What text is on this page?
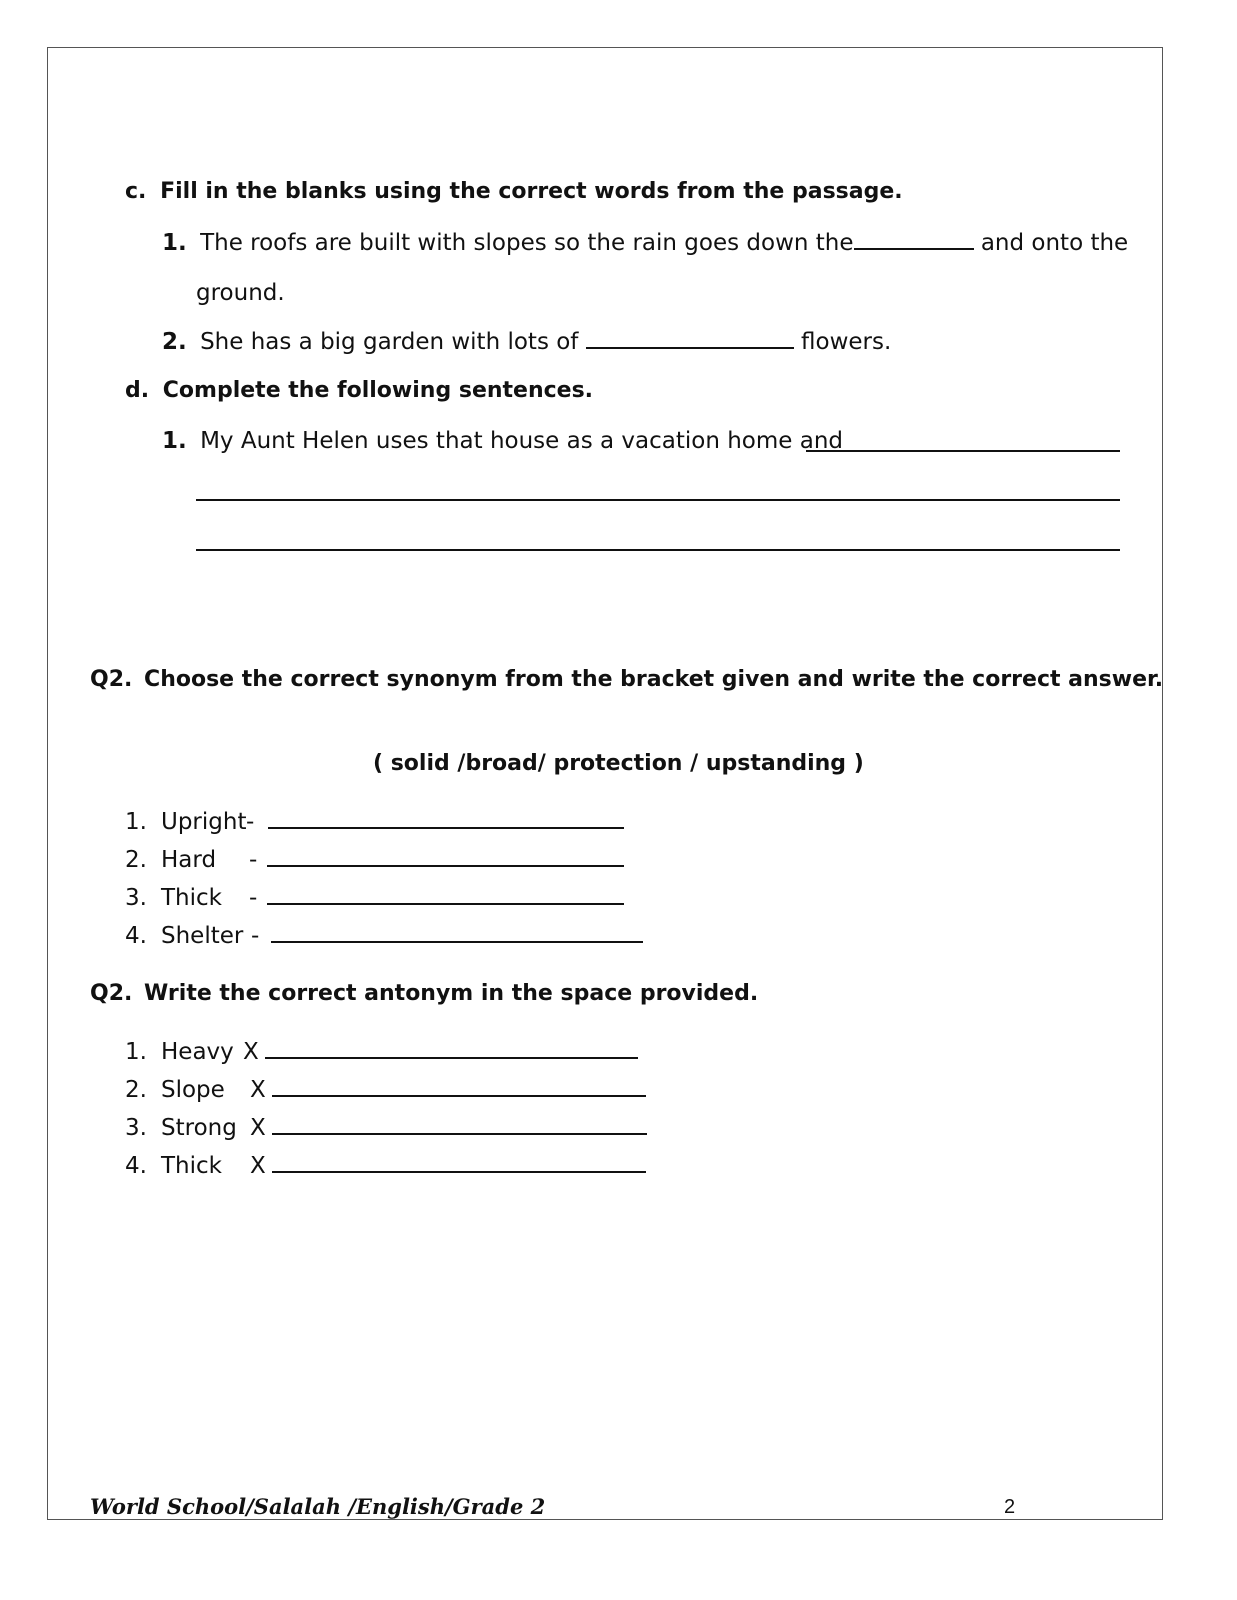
c. Fill in the blanks using the correct words from the passage.
1. The roofs are built with slopes so the rain goes down the	and onto the
ground.
2. She has a big garden with lots of	flowers.
d. Complete the following sentences.
1. My Aunt Helen uses that house as a vacation home and
Q2. Choose the correct synonym from the bracket given and write the correct answer.
( solid /broad/ protection / upstanding )
1. Upright-
2. Hard -
3. Thick -
4. Shelter -
Q2. Write the correct antonym in the space provided.
1. Heavy X
2. Slope X
3. Strong X
4. Thick X
World School/Salalah /English/Grade 2	2
